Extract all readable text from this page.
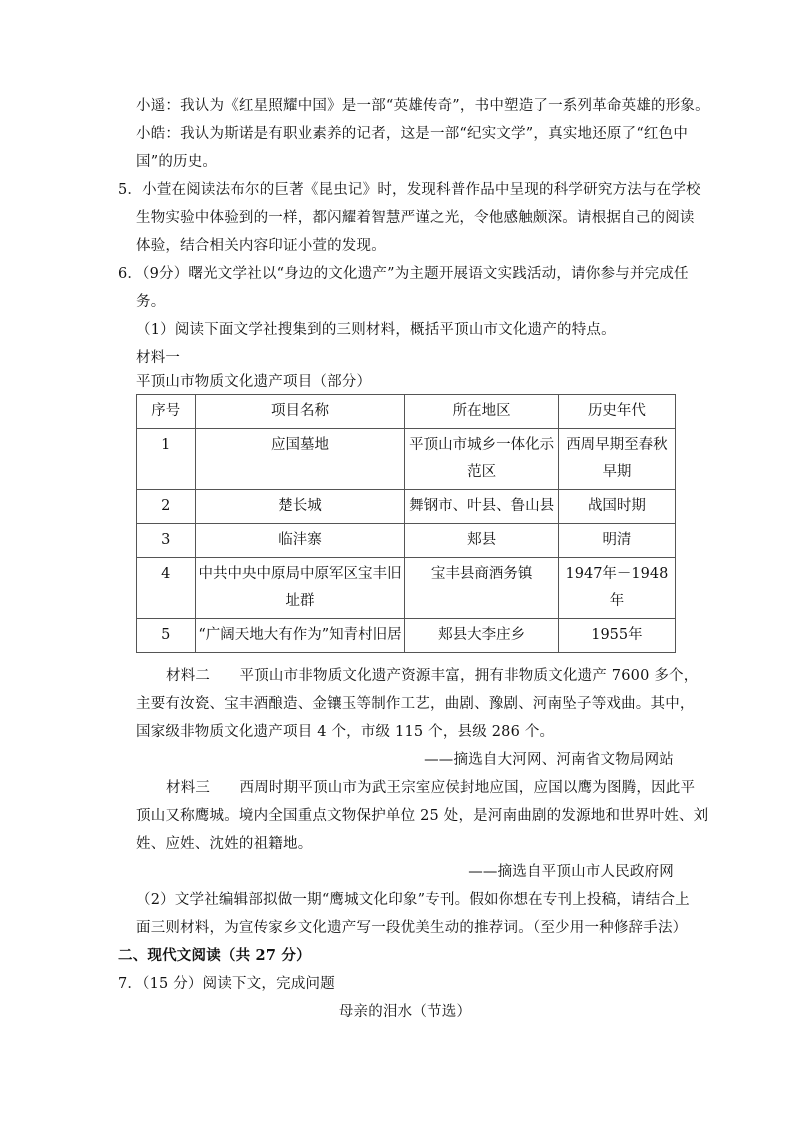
小遥：我认为《红星照耀中国》是一部“英雄传奇”，书中塑造了一系列革命英雄的形象。
小皓：我认为斯诺是有职业素养的记者，这是一部“纪实文学”，真实地还原了“红色中
国”的历史。
5．小萱在阅读法布尔的巨著《昆虫记》时，发现科普作品中呈现的科学研究方法与在学校
生物实验中体验到的一样，都闪耀着智慧严谨之光，令他感触颇深。请根据自己的阅读
体验，结合相关内容印证小萱的发现。
6．（9分）曙光文学社以“身边的文化遗产”为主题开展语文实践活动，请你参与并完成任
务。
（1）阅读下面文学社搜集到的三则材料，概括平顶山市文化遗产的特点。
材料一
平顶山市物质文化遗产项目（部分）
序号	项目名称	所在地区	历史年代
1	应国墓地	平顶山市城乡一体化示范区	西周早期至春秋早期
2	楚长城	舞钢市、叶县、鲁山县	战国时期
3	临沣寨	郏县	明清
4	中共中央中原局中原军区宝丰旧址群	宝丰县商酒务镇	1947年－1948年
5	“广阔天地大有作为”知青村旧居	郏县大李庄乡	1955年
材料二　　平顶山市非物质文化遗产资源丰富，拥有非物质文化遗产 7600 多个，
主要有汝瓷、宝丰酒酿造、金镶玉等制作工艺，曲剧、豫剧、河南坠子等戏曲。其中，
国家级非物质文化遗产项目 4 个，市级 115 个，县级 286 个。
——摘选自大河网、河南省文物局网站
材料三　　西周时期平顶山市为武王宗室应侯封地应国，应国以鹰为图腾，因此平
顶山又称鹰城。境内全国重点文物保护单位 25 处，是河南曲剧的发源地和世界叶姓、刘
姓、应姓、沈姓的祖籍地。
——摘选自平顶山市人民政府网
（2）文学社编辑部拟做一期“鹰城文化印象”专刊。假如你想在专刊上投稿，请结合上
面三则材料，为宣传家乡文化遗产写一段优美生动的推荐词。（至少用一种修辞手法）
二、现代文阅读（共 27 分）
7．（15 分）阅读下文，完成问题
母亲的泪水（节选）
